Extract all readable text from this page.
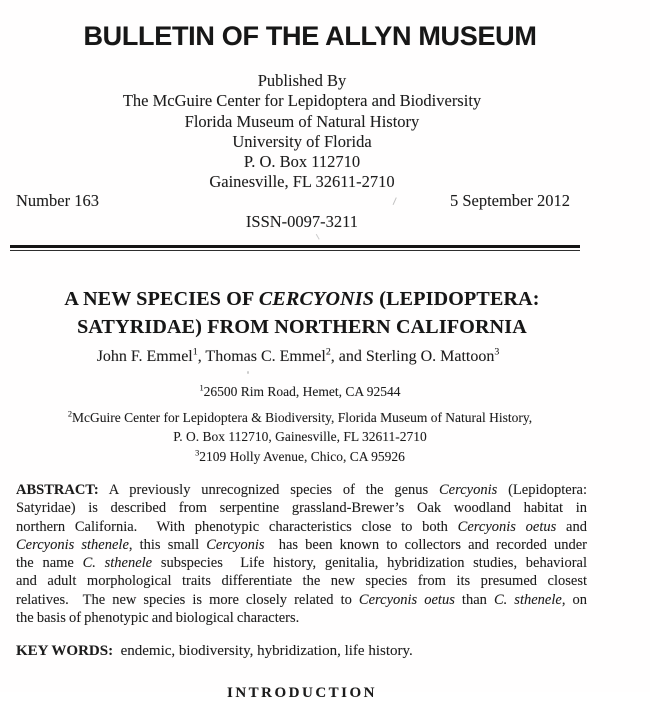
BULLETIN OF THE ALLYN MUSEUM
Published By
The McGuire Center for Lepidoptera and Biodiversity
Florida Museum of Natural History
University of Florida
P. O. Box 112710
Gainesville, FL 32611-2710
Number 163	5 September 2012
ISSN-0097-3211
A NEW SPECIES OF CERCYONIS (LEPIDOPTERA:
SATYRIDAE) FROM NORTHERN CALIFORNIA
John F. Emmel$^1$, Thomas C. Emmel$^2$, and Sterling O. Mattoon$^3$
$^1$26500 Rim Road, Hemet, CA 92544
$^2$McGuire Center for Lepidoptera & Biodiversity, Florida Museum of Natural History,
P. O. Box 112710, Gainesville, FL 32611-2710
$^3$2109 Holly Avenue, Chico, CA 95926
ABSTRACT: A previously unrecognized species of the genus Cercyonis (Lepidoptera:
Satyridae) is described from serpentine grassland-Brewer’s Oak woodland habitat in
northern California.  With phenotypic characteristics close to both Cercyonis oetus and
Cercyonis sthenele, this small Cercyonis  has been known to collectors and recorded under
the name C. sthenele subspecies  Life history, genitalia, hybridization studies, behavioral
and adult morphological traits differentiate the new species from its presumed closest
relatives.  The new species is more closely related to Cercyonis oetus than C. sthenele, on
the basis of phenotypic and biological characters.
KEY WORDS:  endemic, biodiversity, hybridization, life history.
INTRODUCTION
